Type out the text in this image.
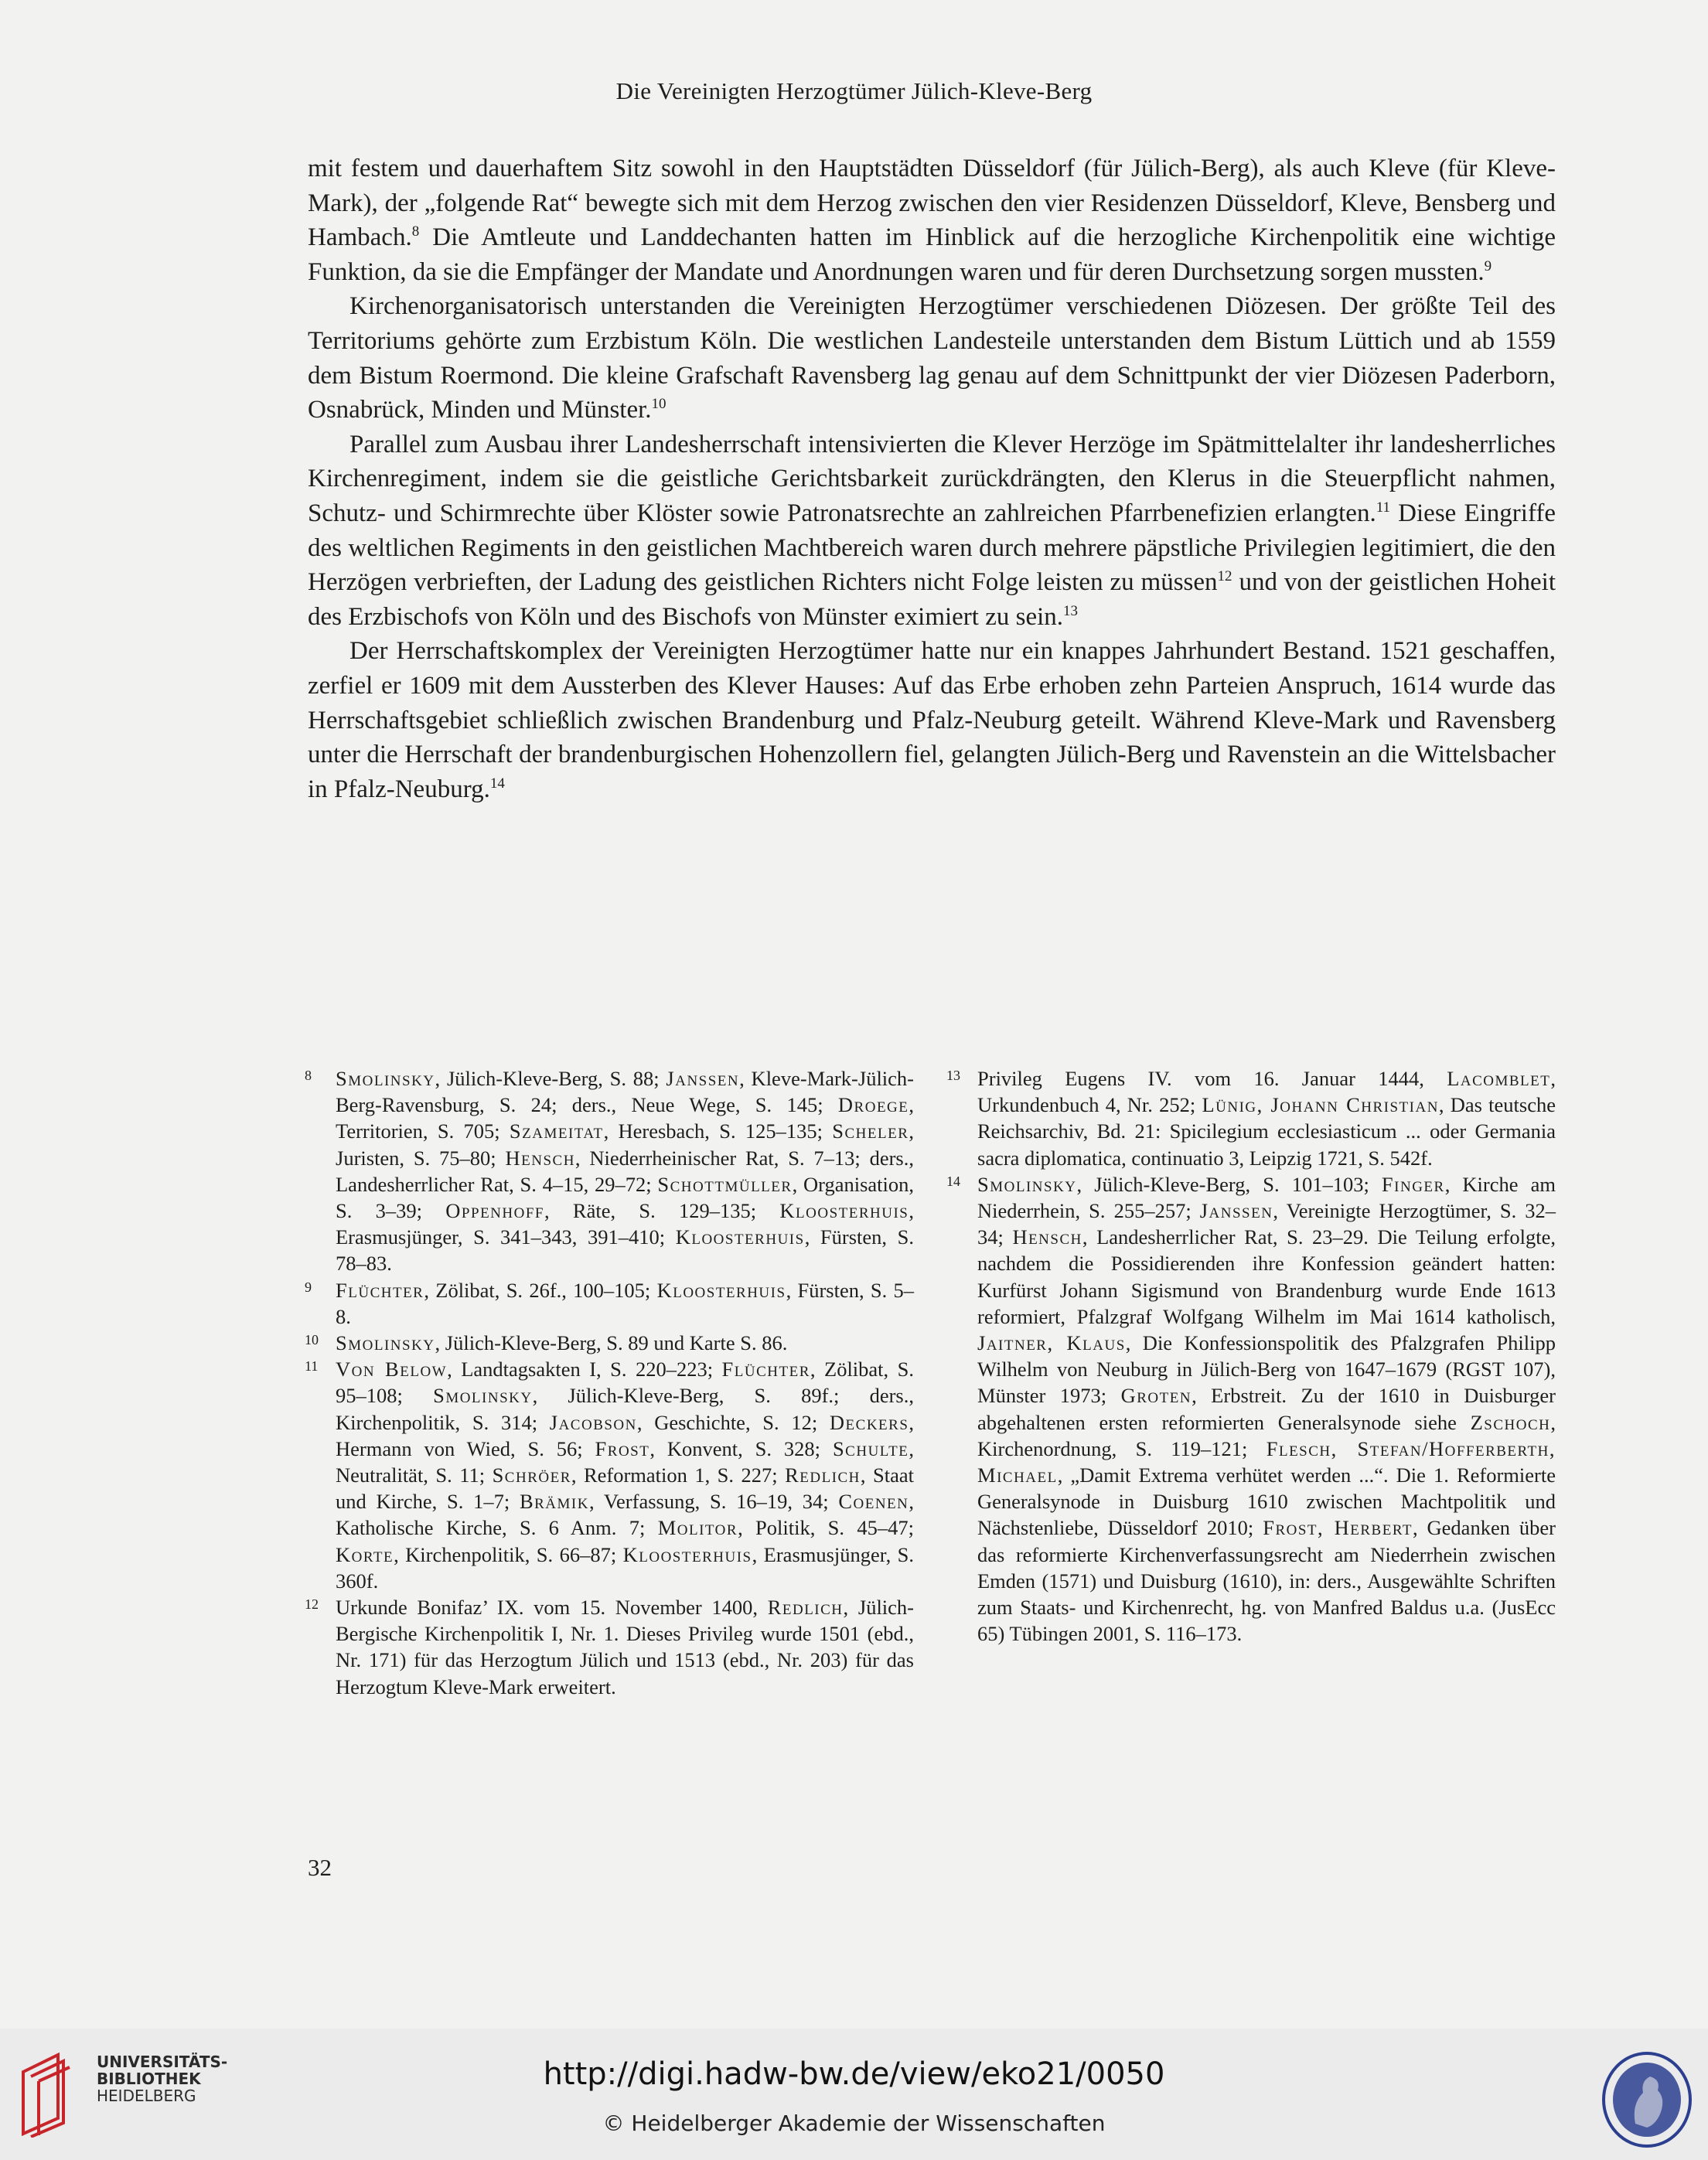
Die Vereinigten Herzogtümer Jülich-Kleve-Berg

mit festem und dauerhaftem Sitz sowohl in den Hauptstädten Düsseldorf (für Jülich-Berg), als auch Kleve (für Kleve-Mark), der „folgende Rat“ bewegte sich mit dem Herzog zwischen den vier Residenzen Düsseldorf, Kleve, Bensberg und Hambach.$^8$ Die Amtleute und Landdechanten hatten im Hinblick auf die herzogliche Kirchenpolitik eine wichtige Funktion, da sie die Empfänger der Mandate und Anordnungen waren und für deren Durchsetzung sorgen mussten.$^9$

Kirchenorganisatorisch unterstanden die Vereinigten Herzogtümer verschiedenen Diözesen. Der größte Teil des Territoriums gehörte zum Erzbistum Köln. Die westlichen Landesteile unterstanden dem Bistum Lüttich und ab 1559 dem Bistum Roermond. Die kleine Grafschaft Ravensberg lag genau auf dem Schnittpunkt der vier Diözesen Paderborn, Osnabrück, Minden und Münster.$^{10}$

Parallel zum Ausbau ihrer Landesherrschaft intensivierten die Klever Herzöge im Spätmittelalter ihr landesherrliches Kirchenregiment, indem sie die geistliche Gerichtsbarkeit zurückdrängten, den Klerus in die Steuerpflicht nahmen, Schutz- und Schirmrechte über Klöster sowie Patronatsrechte an zahlreichen Pfarrbenefizien erlangten.$^{11}$ Diese Eingriffe des weltlichen Regiments in den geistlichen Machtbereich waren durch mehrere päpstliche Privilegien legitimiert, die den Herzögen verbrieften, der Ladung des geistlichen Richters nicht Folge leisten zu müssen$^{12}$ und von der geistlichen Hoheit des Erzbischofs von Köln und des Bischofs von Münster eximiert zu sein.$^{13}$

Der Herrschaftskomplex der Vereinigten Herzogtümer hatte nur ein knappes Jahrhundert Bestand. 1521 geschaffen, zerfiel er 1609 mit dem Aussterben des Klever Hauses: Auf das Erbe erhoben zehn Parteien Anspruch, 1614 wurde das Herrschaftsgebiet schließlich zwischen Brandenburg und Pfalz-Neuburg geteilt. Während Kleve-Mark und Ravensberg unter die Herrschaft der brandenburgischen Hohenzollern fiel, gelangten Jülich-Berg und Ravenstein an die Wittelsbacher in Pfalz-Neuburg.$^{14}$

8 Smolinsky, Jülich-Kleve-Berg, S. 88; Janssen, Kleve-Mark-Jülich-Berg-Ravensburg, S. 24; ders., Neue Wege, S. 145; Droege, Territorien, S. 705; Szameitat, Heresbach, S. 125–135; Scheler, Juristen, S. 75–80; Hensch, Niederrheinischer Rat, S. 7–13; ders., Landesherrlicher Rat, S. 4–15, 29–72; Schottmüller, Organisation, S. 3–39; Oppenhoff, Räte, S. 129–135; Kloosterhuis, Erasmusjünger, S. 341–343, 391–410; Kloosterhuis, Fürsten, S. 78–83.
9 Flüchter, Zölibat, S. 26f., 100–105; Kloosterhuis, Fürsten, S. 5–8.
10 Smolinsky, Jülich-Kleve-Berg, S. 89 und Karte S. 86.
11 Von Below, Landtagsakten I, S. 220–223; Flüchter, Zölibat, S. 95–108; Smolinsky, Jülich-Kleve-Berg, S. 89f.; ders., Kirchenpolitik, S. 314; Jacobson, Geschichte, S. 12; Deckers, Hermann von Wied, S. 56; Frost, Konvent, S. 328; Schulte, Neutralität, S. 11; Schröer, Reformation 1, S. 227; Redlich, Staat und Kirche, S. 1–7; Brämik, Verfassung, S. 16–19, 34; Coenen, Katholische Kirche, S. 6 Anm. 7; Molitor, Politik, S. 45–47; Korte, Kirchenpolitik, S. 66–87; Kloosterhuis, Erasmusjünger, S. 360f.
12 Urkunde Bonifaz’ IX. vom 15. November 1400, Redlich, Jülich-Bergische Kirchenpolitik I, Nr. 1. Dieses Privileg wurde 1501 (ebd., Nr. 171) für das Herzogtum Jülich und 1513 (ebd., Nr. 203) für das Herzogtum Kleve-Mark erweitert.
13 Privileg Eugens IV. vom 16. Januar 1444, Lacomblet, Urkundenbuch 4, Nr. 252; Lünig, Johann Christian, Das teutsche Reichsarchiv, Bd. 21: Spicilegium ecclesiasticum ... oder Germania sacra diplomatica, continuatio 3, Leipzig 1721, S. 542f.
14 Smolinsky, Jülich-Kleve-Berg, S. 101–103; Finger, Kirche am Niederrhein, S. 255–257; Janssen, Vereinigte Herzogtümer, S. 32–34; Hensch, Landesherrlicher Rat, S. 23–29. Die Teilung erfolgte, nachdem die Possidierenden ihre Konfession geändert hatten: Kurfürst Johann Sigismund von Brandenburg wurde Ende 1613 reformiert, Pfalzgraf Wolfgang Wilhelm im Mai 1614 katholisch, Jaitner, Klaus, Die Konfessionspolitik des Pfalzgrafen Philipp Wilhelm von Neuburg in Jülich-Berg von 1647–1679 (RGST 107), Münster 1973; Groten, Erbstreit. Zu der 1610 in Duisburger abgehaltenen ersten reformierten Generalsynode siehe Zschoch, Kirchenordnung, S. 119–121; Flesch, Stefan/Hofferberth, Michael, „Damit Extrema verhütet werden ...“. Die 1. Reformierte Generalsynode in Duisburg 1610 zwischen Machtpolitik und Nächstenliebe, Düsseldorf 2010; Frost, Herbert, Gedanken über das reformierte Kirchenverfassungsrecht am Niederrhein zwischen Emden (1571) und Duisburg (1610), in: ders., Ausgewählte Schriften zum Staats- und Kirchenrecht, hg. von Manfred Baldus u.a. (JusEcc 65) Tübingen 2001, S. 116–173.
32
UNIVERSITÄTS-
BIBLIOTHEK
HEIDELBERG
http://digi.hadw-bw.de/view/eko21/0050
© Heidelberger Akademie der Wissenschaften
